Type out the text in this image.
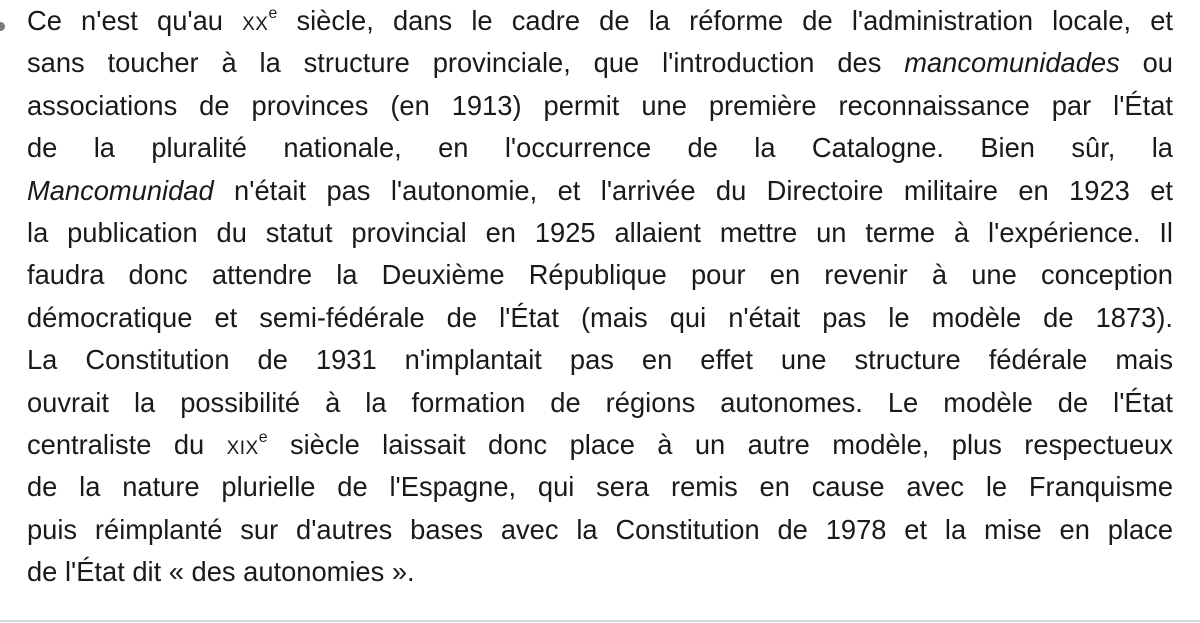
Ce n'est qu'au $xx^e$ siècle, dans le cadre de la réforme de l'administration locale, et
sans toucher à la structure provinciale, que l'introduction des mancomunidades ou
associations de provinces (en 1913) permit une première reconnaissance par l'État
de la pluralité nationale, en l'occurrence de la Catalogne. Bien sûr, la
Mancomunidad n'était pas l'autonomie, et l'arrivée du Directoire militaire en 1923 et
la publication du statut provincial en 1925 allaient mettre un terme à l'expérience. Il
faudra donc attendre la Deuxième République pour en revenir à une conception
démocratique et semi-fédérale de l'État (mais qui n'était pas le modèle de 1873).
La Constitution de 1931 n'implantait pas en effet une structure fédérale mais
ouvrait la possibilité à la formation de régions autonomes. Le modèle de l'État
centraliste du xix$^e$ siècle laissait donc place à un autre modèle, plus respectueux
de la nature plurielle de l'Espagne, qui sera remis en cause avec le Franquisme
puis réimplanté sur d'autres bases avec la Constitution de 1978 et la mise en place
de l'État dit « des autonomies ».
